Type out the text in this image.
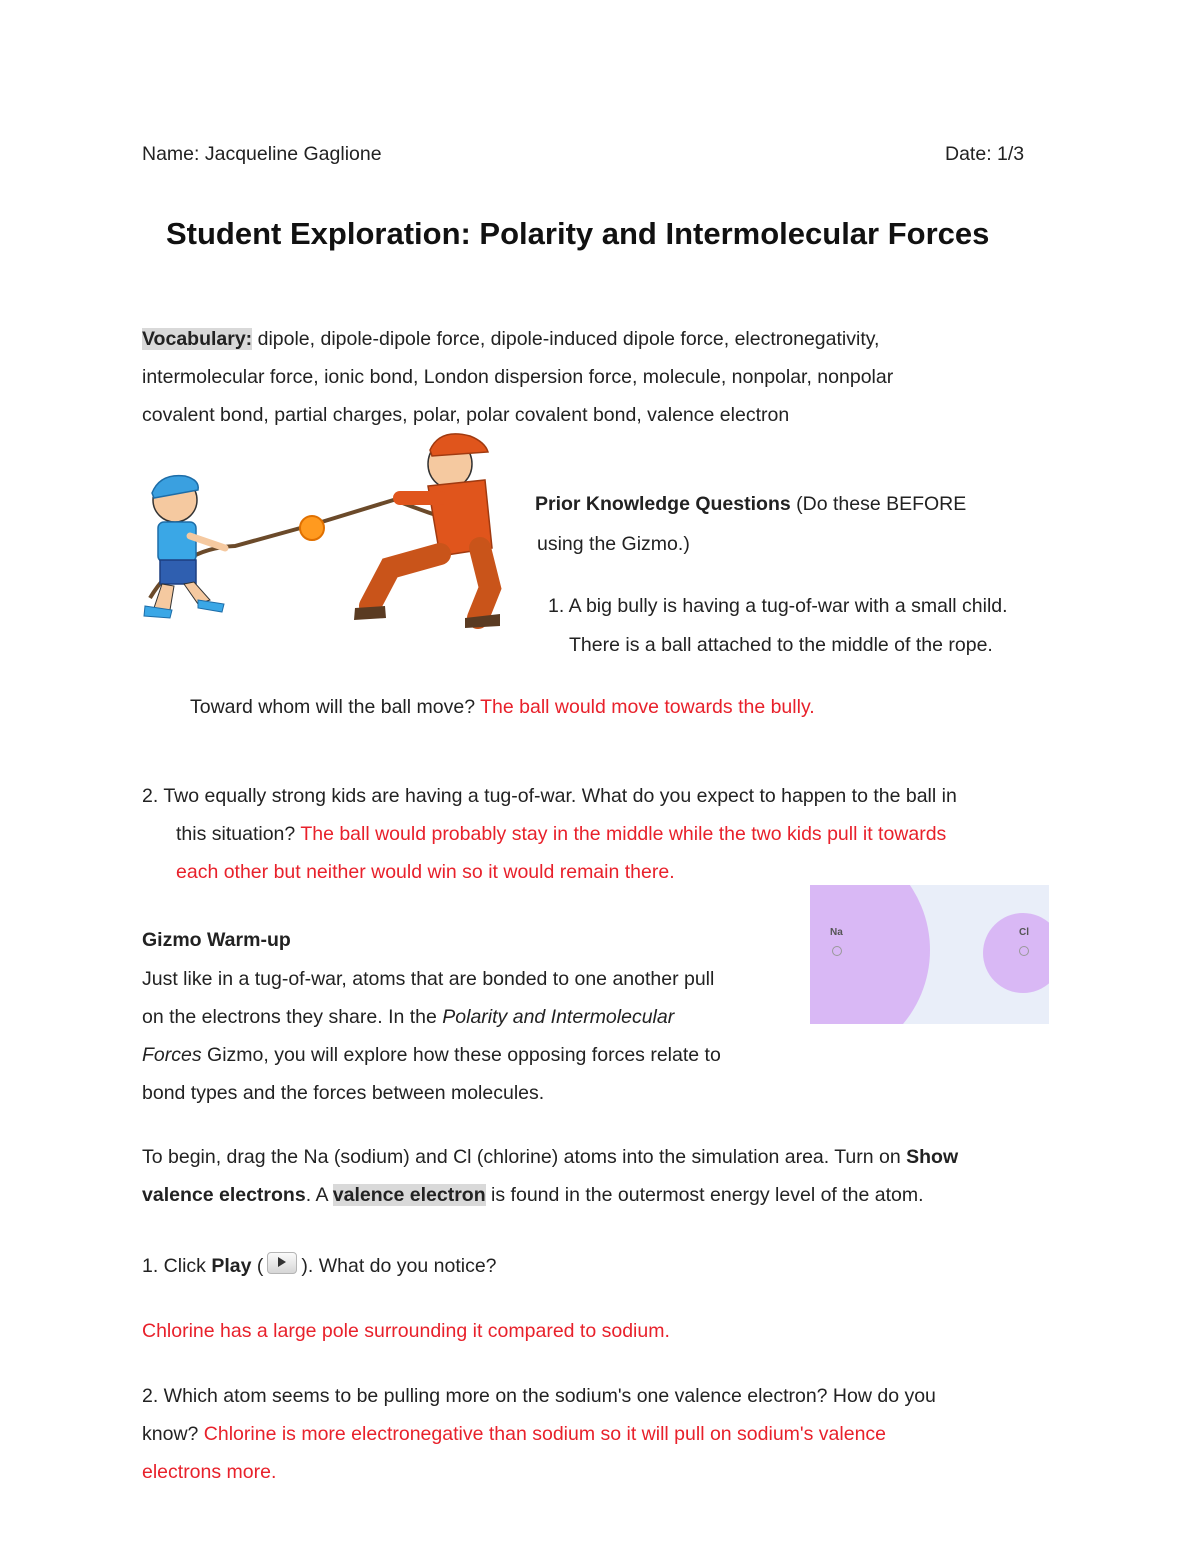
Name: Jacqueline Gaglione	Date: 1/3
Student Exploration: Polarity and Intermolecular Forces
Vocabulary: dipole, dipole-dipole force, dipole-induced dipole force, electronegativity,
intermolecular force, ionic bond, London dispersion force, molecule, nonpolar, nonpolar
covalent bond, partial charges, polar, polar covalent bond, valence electron
Prior Knowledge Questions (Do these BEFORE
using the Gizmo.)
1. A big bully is having a tug-of-war with a small child.
There is a ball attached to the middle of the rope.
Toward whom will the ball move? The ball would move towards the bully.
2. Two equally strong kids are having a tug-of-war. What do you expect to happen to the ball in
this situation? The ball would probably stay in the middle while the two kids pull it towards
each other but neither would win so it would remain there.
Na	Cl
Gizmo Warm-up
Just like in a tug-of-war, atoms that are bonded to one another pull
on the electrons they share. In the Polarity and Intermolecular
Forces Gizmo, you will explore how these opposing forces relate to
bond types and the forces between molecules.
To begin, drag the Na (sodium) and Cl (chlorine) atoms into the simulation area. Turn on Show
valence electrons. A valence electron is found in the outermost energy level of the atom.
1. Click Play ( ). What do you notice?
Chlorine has a large pole surrounding it compared to sodium.
2. Which atom seems to be pulling more on the sodium's one valence electron? How do you
know? Chlorine is more electronegative than sodium so it will pull on sodium's valence
electrons more.
